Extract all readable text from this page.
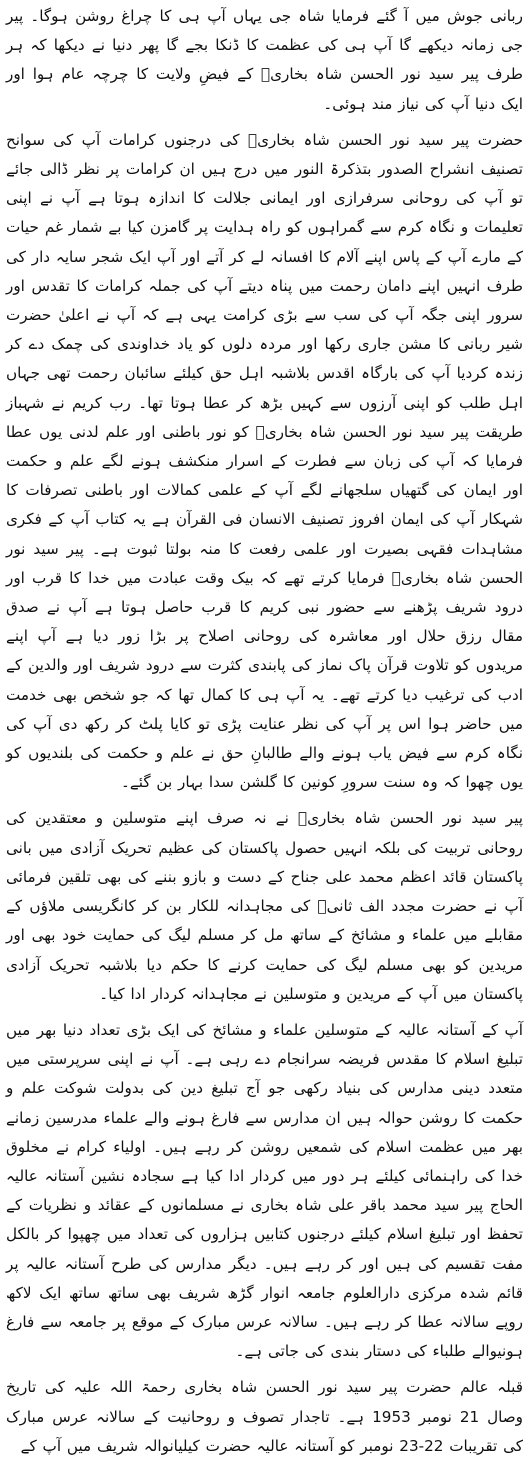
ربانی جوش میں آ گئے فرمایا شاہ جی یہاں آپ ہی کا چراغ روشن ہوگا۔ پیر جی زمانہ دیکھے گا آپ ہی کی عظمت کا ڈنکا بجے گا پھر دنیا نے دیکھا کہ ہر طرف پیر سید نور الحسن شاہ بخاریؒ کے فیضِ ولایت کا چرچہ عام ہوا اور ایک دنیا آپ کی نیاز مند ہوئی۔

حضرت پیر سید نور الحسن شاہ بخاریؒ کی درجنوں کرامات آپ کی سوانح تصنیف انشراح الصدور بتذکرۃ النور میں درج ہیں ان کرامات پر نظر ڈالی جائے تو آپ کی روحانی سرفرازی اور ایمانی جلالت کا اندازہ ہوتا ہے آپ نے اپنی تعلیمات و نگاہ کرم سے گمراہوں کو راہ ہدایت پر گامزن کیا بے شمار غم حیات کے مارے آپ کے پاس اپنے آلام کا افسانہ لے کر آتے اور آپ ایک شجر سایہ دار کی طرف انہیں اپنے دامان رحمت میں پناہ دیتے آپ کی جملہ کرامات کا تقدس اور سرور اپنی جگہ آپ کی سب سے بڑی کرامت یہی ہے کہ آپ نے اعلیٰ حضرت شیر ربانی کا مشن جاری رکھا اور مردہ دلوں کو یاد خداوندی کی چمک دے کر زندہ کردیا آپ کی بارگاہ اقدس بلاشبہ اہل حق کیلئے سائبان رحمت تھی جہاں اہل طلب کو اپنی آرزوں سے کہیں بڑھ کر عطا ہوتا تھا۔ رب کریم نے شہباز طریقت پیر سید نور الحسن شاہ بخاریؒ کو نور باطنی اور علم لدنی یوں عطا فرمایا کہ آپ کی زبان سے فطرت کے اسرار منکشف ہونے لگے علم و حکمت اور ایمان کی گتھیاں سلجھانے لگے آپ کے علمی کمالات اور باطنی تصرفات کا شہکار آپ کی ایمان افروز تصنیف الانسان فی القرآن ہے یہ کتاب آپ کے فکری مشاہدات فقہی بصیرت اور علمی رفعت کا منہ بولتا ثبوت ہے۔ پیر سید نور الحسن شاہ بخاریؒ فرمایا کرتے تھے کہ بیک وقت عبادت میں خدا کا قرب اور درود شریف پڑھنے سے حضور نبی کریم کا قرب حاصل ہوتا ہے آپ نے صدق مقال رزق حلال اور معاشرہ کی روحانی اصلاح پر بڑا زور دیا ہے آپ اپنے مریدوں کو تلاوت قرآن پاک نماز کی پابندی کثرت سے درود شریف اور والدین کے ادب کی ترغیب دیا کرتے تھے۔ یہ آپ ہی کا کمال تھا کہ جو شخص بھی خدمت میں حاضر ہوا اس پر آپ کی نظر عنایت پڑی تو کایا پلٹ کر رکھ دی آپ کی نگاہ کرم سے فیض یاب ہونے والے طالبانِ حق نے علم و حکمت کی بلندیوں کو یوں چھوا کہ وہ سنت سرورِ کونین کا گلشن سدا بہار بن گئے۔

پیر سید نور الحسن شاہ بخاریؒ نے نہ صرف اپنے متوسلین و معتقدین کی روحانی تربیت کی بلکہ انہیں حصول پاکستان کی عظیم تحریک آزادی میں بانی پاکستان قائد اعظم محمد علی جناح کے دست و بازو بننے کی بھی تلقین فرمائی آپ نے حضرت مجدد الف ثانیؒ کی مجاہدانہ للکار بن کر کانگریسی ملاؤں کے مقابلے میں علماء و مشائخ کے ساتھ مل کر مسلم لیگ کی حمایت خود بھی اور مریدین کو بھی مسلم لیگ کی حمایت کرنے کا حکم دیا بلاشبہ تحریک آزادی پاکستان میں آپ کے مریدین و متوسلین نے مجاہدانہ کردار ادا کیا۔

آپ کے آستانہ عالیہ کے متوسلین علماء و مشائخ کی ایک بڑی تعداد دنیا بھر میں تبلیغ اسلام کا مقدس فریضہ سرانجام دے رہی ہے۔ آپ نے اپنی سرپرستی میں متعدد دینی مدارس کی بنیاد رکھی جو آج تبلیغ دین کی بدولت شوکت علم و حکمت کا روشن حوالہ ہیں ان مدارس سے فارغ ہونے والے علماء مدرسین زمانے بھر میں عظمت اسلام کی شمعیں روشن کر رہے ہیں۔ اولیاء کرام نے مخلوق خدا کی راہنمائی کیلئے ہر دور میں کردار ادا کیا ہے سجادہ نشین آستانہ عالیہ الحاج پیر سید محمد باقر علی شاہ بخاری نے مسلمانوں کے عقائد و نظریات کے تحفظ اور تبلیغ اسلام کیلئے درجنوں کتابیں ہزاروں کی تعداد میں چھپوا کر بالکل مفت تقسیم کی ہیں اور کر رہے ہیں۔ دیگر مدارس کی طرح آستانہ عالیہ پر قائم شدہ مرکزی دارالعلوم جامعہ انوار گڑھ شریف بھی ساتھ ساتھ ایک لاکھ روپے سالانہ عطا کر رہے ہیں۔ سالانہ عرس مبارک کے موقع پر جامعہ سے فارغ ہونیوالے طلباء کی دستار بندی کی جاتی ہے۔

قبلہ عالم حضرت پیر سید نور الحسن شاہ بخاری رحمۃ اللہ علیہ کی تاریخ وصال 21 نومبر 1953 ہے۔ تاجدار تصوف و روحانیت کے سالانہ عرس مبارک کی تقریبات 22-23 نومبر کو آستانہ عالیہ حضرت کیلیانوالہ شریف میں آپ کے
